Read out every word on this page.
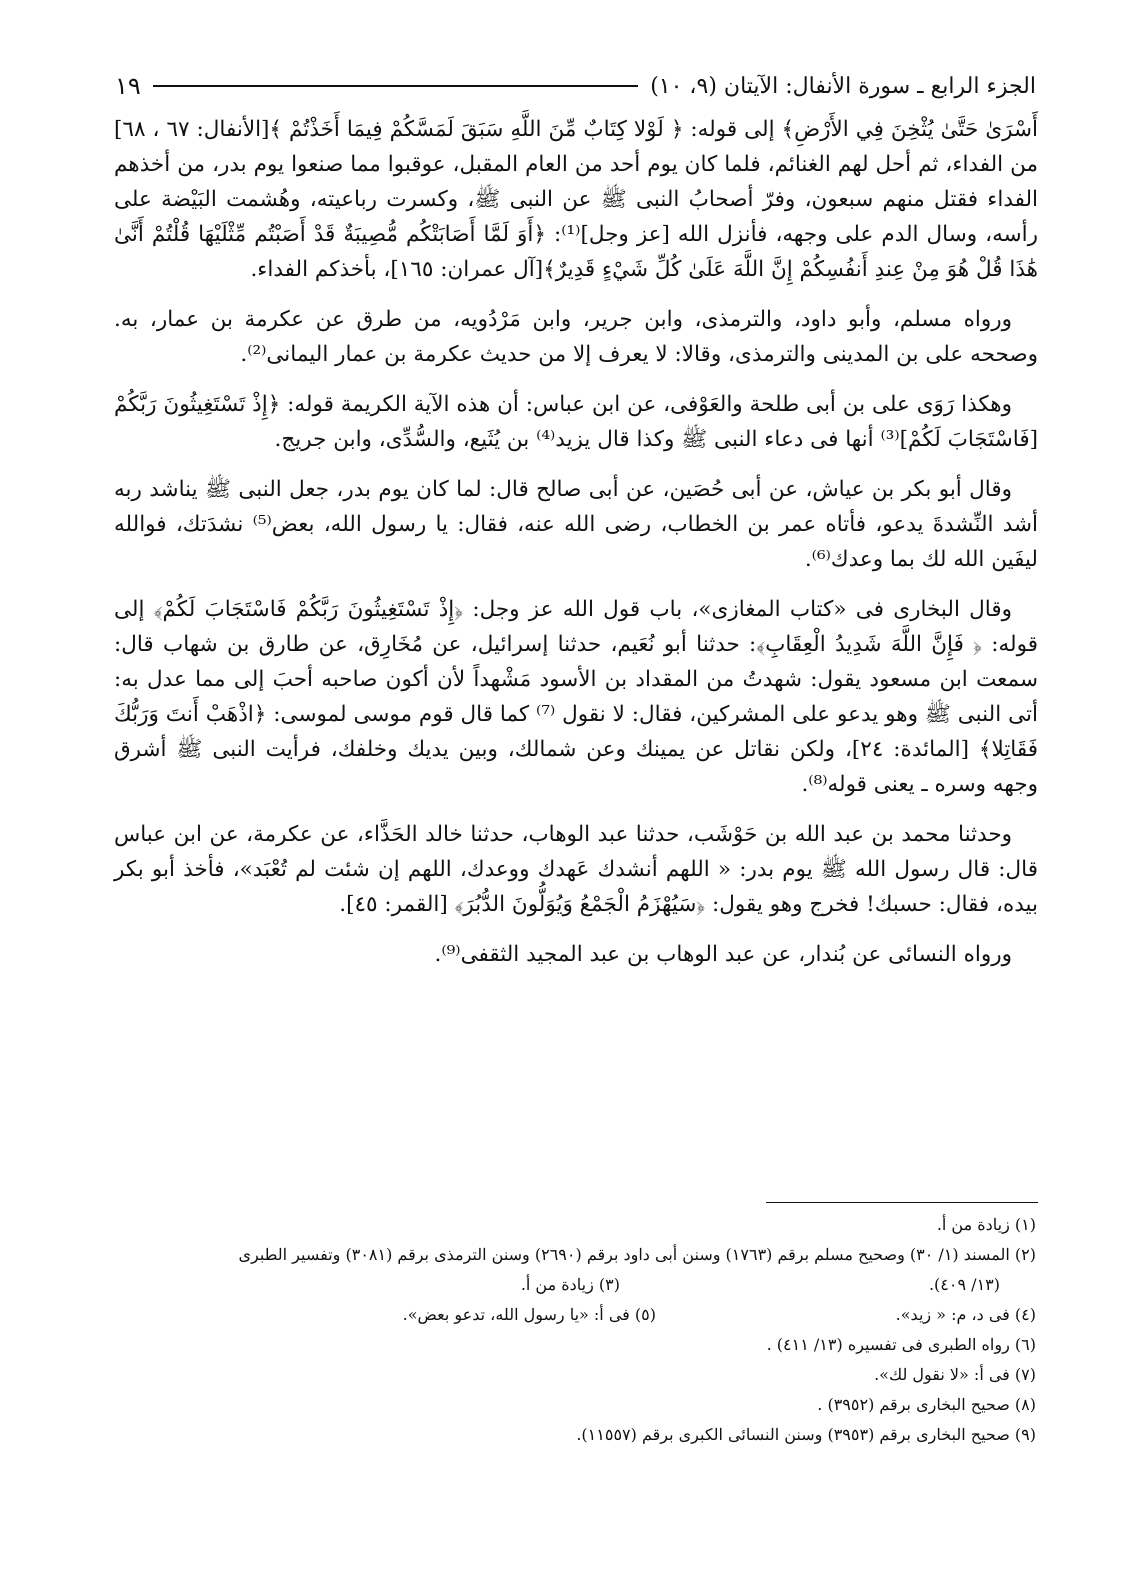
الجزء الرابع ـ سورة الأنفال: الآيتان (٩، ١٠)
١٩

أَسْرَىٰ حَتَّىٰ يُثْخِنَ فِي الأَرْضِ﴾ إلى قوله: ﴿ لَوْلا كِتَابٌ مِّنَ اللَّهِ سَبَقَ لَمَسَّكُمْ فِيمَا أَخَذْتُمْ ﴾[الأنفال: ٦٧ ، ٦٨] من الفداء، ثم أحل لهم الغنائم، فلما كان يوم أحد من العام المقبل، عوقبوا مما صنعوا يوم بدر، من أخذهم الفداء فقتل منهم سبعون، وفرّ أصحابُ النبى ﷺ عن النبى ﷺ، وكسرت رباعيته، وهُشمت البَيْضة على رأسه، وسال الدم على وجهه، فأنزل الله [عز وجل]⁽¹⁾: ﴿أَوَ لَمَّا أَصَابَتْكُم مُّصِيبَةٌ قَدْ أَصَبْتُم مِّثْلَيْهَا قُلْتُمْ أَنَّىٰ هَٰذَا قُلْ هُوَ مِنْ عِندِ أَنفُسِكُمْ إِنَّ اللَّهَ عَلَىٰ كُلِّ شَيْءٍ قَدِيرٌ﴾[آل عمران: ١٦٥]، بأخذكم الفداء.

ورواه مسلم، وأبو داود، والترمذى، وابن جرير، وابن مَرْدُويه، من طرق عن عكرمة بن عمار، به. وصححه على بن المدينى والترمذى، وقالا: لا يعرف إلا من حديث عكرمة بن عمار اليمانى⁽²⁾.

وهكذا رَوَى على بن أبى طلحة والعَوْفى، عن ابن عباس: أن هذه الآية الكريمة قوله: ﴿إِذْ تَسْتَغِيثُونَ رَبَّكُمْ [فَاسْتَجَابَ لَكُمْ]⁽³⁾ أنها فى دعاء النبى ﷺ وكذا قال يزيد⁽⁴⁾ بن يُثَيع، والسُّدِّى، وابن جريج.

وقال أبو بكر بن عياش، عن أبى حُصَين، عن أبى صالح قال: لما كان يوم بدر، جعل النبى ﷺ يناشد ربه أشد النِّشدةَ يدعو، فأتاه عمر بن الخطاب، رضى الله عنه، فقال: يا رسول الله، بعض⁽⁵⁾ نشدَتك، فوالله ليفَين الله لك بما وعدك⁽⁶⁾.

وقال البخارى فى «كتاب المغازى»، باب قول الله عز وجل: ﴿إِذْ تَسْتَغِيثُونَ رَبَّكُمْ فَاسْتَجَابَ لَكُمْ﴾ إلى قوله: ﴿ فَإِنَّ اللَّهَ شَدِيدُ الْعِقَابِ﴾: حدثنا أبو نُعَيم، حدثنا إسرائيل، عن مُخَارِق، عن طارق بن شهاب قال: سمعت ابن مسعود يقول: شهدتُ من المقداد بن الأسود مَشْهداً لأن أكون صاحبه أحبَ إلى مما عدل به: أتى النبى ﷺ وهو يدعو على المشركين، فقال: لا نقول ⁽⁷⁾ كما قال قوم موسى لموسى: ﴿اذْهَبْ أَنتَ وَرَبُّكَ فَقَاتِلا﴾ [المائدة: ٢٤]، ولكن نقاتل عن يمينك وعن شمالك، وبين يديك وخلفك، فرأيت النبى ﷺ أشرق وجهه وسره ـ يعنى قوله⁽⁸⁾.

وحدثنا محمد بن عبد الله بن حَوْشَب، حدثنا عبد الوهاب، حدثنا خالد الحَذَّاء، عن عكرمة، عن ابن عباس قال: قال رسول الله ﷺ يوم بدر: « اللهم أنشدك عَهدك ووعدك، اللهم إن شئت لم تُعْبَد»، فأخذ أبو بكر بيده، فقال: حسبك! فخرج وهو يقول: ﴿سَيُهْزَمُ الْجَمْعُ وَيُوَلُّونَ الدُّبُرَ﴾ [القمر: ٤٥].

ورواه النسائى عن بُندار، عن عبد الوهاب بن عبد المجيد الثقفى⁽⁹⁾.

(١) زيادة من أ.
(٢) المسند (١/ ٣٠) وصحيح مسلم برقم (١٧٦٣) وسنن أبى داود برقم (٢٦٩٠) وسنن الترمذى برقم (٣٠٨١) وتفسير الطبرى
(١٣/ ٤٠٩).
(٣) زيادة من أ.
(٤) فى د، م: « زيد».
(٥) فى أ: «يا رسول الله، تدعو بعض».
(٦) رواه الطبرى فى تفسيره (١٣/ ٤١١) .
(٧) فى أ: «لا نقول لك».
(٨) صحيح البخارى برقم (٣٩٥٢) .
(٩) صحيح البخارى برقم (٣٩٥٣) وسنن النسائى الكبرى برقم (١١٥٥٧).
